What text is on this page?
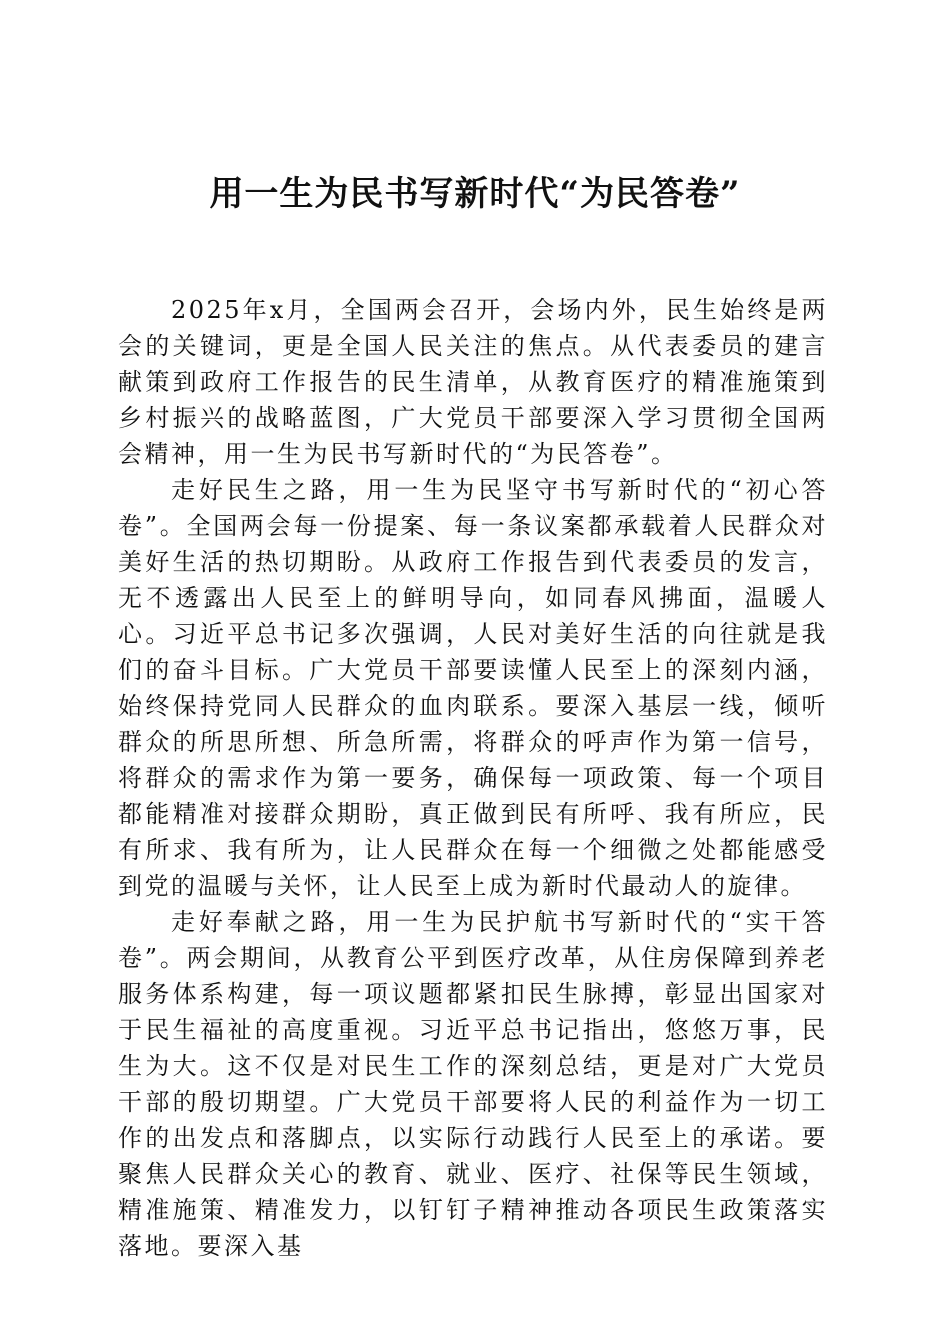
用一生为民书写新时代“为民答卷”

2025年x月，全国两会召开，会场内外，民生始终是两会的关键词，更是全国人民关注的焦点。从代表委员的建言献策到政府工作报告的民生清单，从教育医疗的精准施策到乡村振兴的战略蓝图，广大党员干部要深入学习贯彻全国两会精神，用一生为民书写新时代的“为民答卷”。

走好民生之路，用一生为民坚守书写新时代的“初心答卷”。全国两会每一份提案、每一条议案都承载着人民群众对美好生活的热切期盼。从政府工作报告到代表委员的发言，无不透露出人民至上的鲜明导向，如同春风拂面，温暖人心。习近平总书记多次强调，人民对美好生活的向往就是我们的奋斗目标。广大党员干部要读懂人民至上的深刻内涵，始终保持党同人民群众的血肉联系。要深入基层一线，倾听群众的所思所想、所急所需，将群众的呼声作为第一信号，将群众的需求作为第一要务，确保每一项政策、每一个项目都能精准对接群众期盼，真正做到民有所呼、我有所应，民有所求、我有所为，让人民群众在每一个细微之处都能感受到党的温暖与关怀，让人民至上成为新时代最动人的旋律。

走好奉献之路，用一生为民护航书写新时代的“实干答卷”。两会期间，从教育公平到医疗改革，从住房保障到养老服务体系构建，每一项议题都紧扣民生脉搏，彰显出国家对于民生福祉的高度重视。习近平总书记指出，悠悠万事，民生为大。这不仅是对民生工作的深刻总结，更是对广大党员干部的殷切期望。广大党员干部要将人民的利益作为一切工作的出发点和落脚点，以实际行动践行人民至上的承诺。要聚焦人民群众关心的教育、就业、医疗、社保等民生领域，精准施策、精准发力，以钉钉子精神推动各项民生政策落实落地。要深入基
